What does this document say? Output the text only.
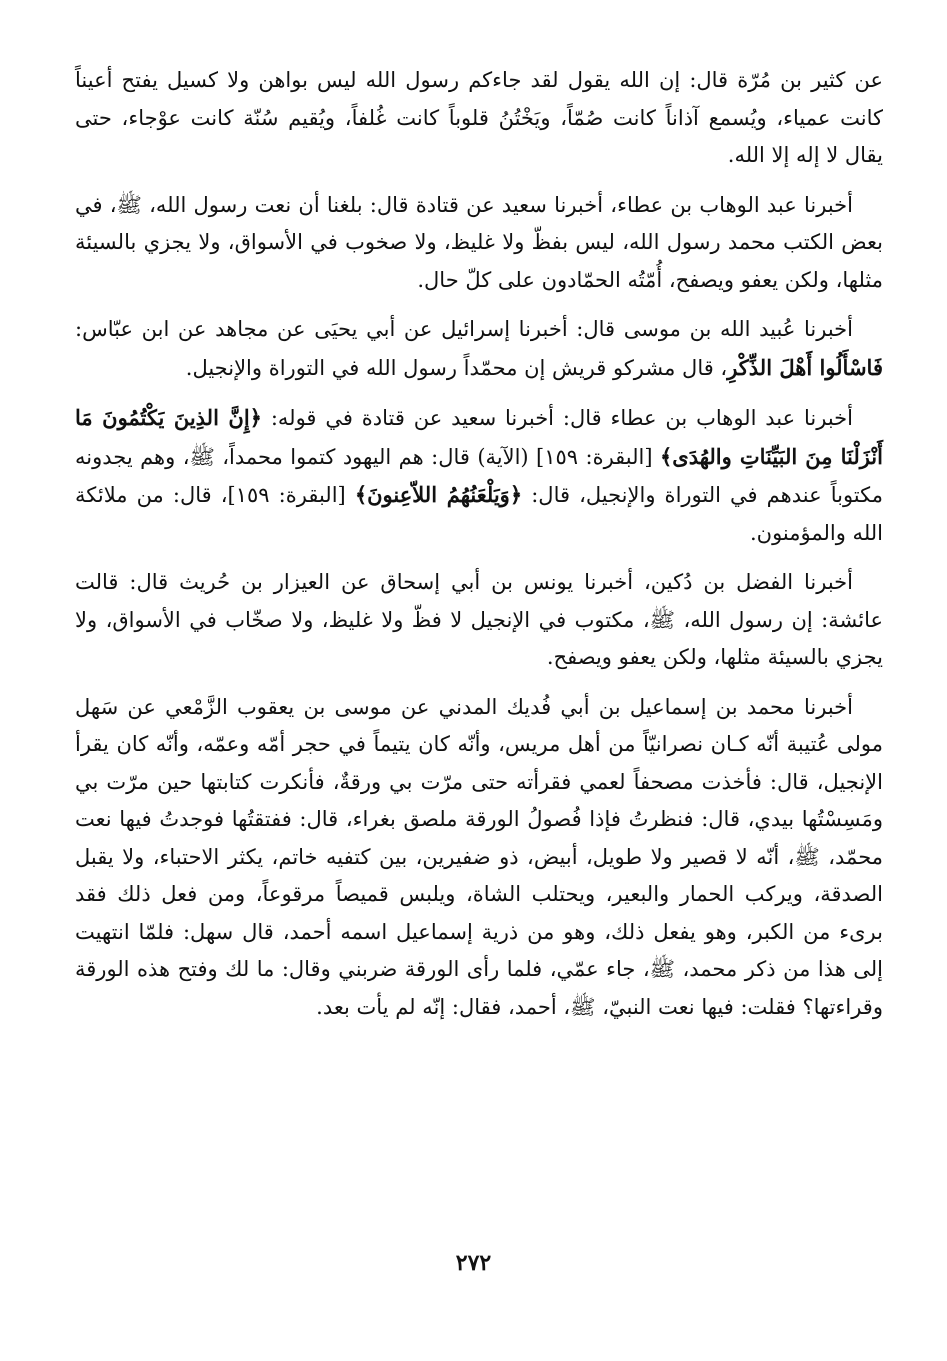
عن كثير بن مُرّة قال: إن الله يقول لقد جاءكم رسول الله ليس بواهن ولا كسيل يفتح أعيناً كانت عمياء، ويُسمع آذاناً كانت صُمّاً، ويَخْتُنُ قلوباً كانت غُلفاً، ويُقيم سُنّة كانت عوْجاء، حتى يقال لا إله إلا الله.

أخبرنا عبد الوهاب بن عطاء، أخبرنا سعيد عن قتادة قال: بلغنا أن نعت رسول الله، ﷺ، في بعض الكتب محمد رسول الله، ليس بفظّ ولا غليظ، ولا صخوب في الأسواق، ولا يجزي بالسيئة مثلها، ولكن يعفو ويصفح، أُمّتُه الحمّادون على كلّ حال.

أخبرنا عُبيد الله بن موسى قال: أخبرنا إسرائيل عن أبي يحيَى عن مجاهد عن ابن عبّاس: فَاسْأَلُوا أَهْلَ الذِّكْرِ، قال مشركو قريش إن محمّداً رسول الله في التوراة والإنجيل.

أخبرنا عبد الوهاب بن عطاء قال: أخبرنا سعيد عن قتادة في قوله: ﴿إِنَّ الذِينَ يَكْتُمُونَ مَا أَنْزَلْنَا مِنَ البَيِّنَاتِ والهُدَى﴾ [البقرة: ١٥٩] (الآية) قال: هم اليهود كتموا محمداً، ﷺ، وهم يجدونه مكتوباً عندهم في التوراة والإنجيل، قال: ﴿وَيَلْعَنُهُمُ اللاّعِنونَ﴾ [البقرة: ١٥٩]، قال: من ملائكة الله والمؤمنون.

أخبرنا الفضل بن دُكين، أخبرنا يونس بن أبي إسحاق عن العيزار بن حُريث قال: قالت عائشة: إن رسول الله، ﷺ، مكتوب في الإنجيل لا فظّ ولا غليظ، ولا صخّاب في الأسواق، ولا يجزي بالسيئة مثلها، ولكن يعفو ويصفح.

أخبرنا محمد بن إسماعيل بن أبي فُديك المدني عن موسى بن يعقوب الزَّمْعي عن سَهل مولى عُتيبة أنّه كـان نصرانيّاً من أهل مريس، وأنّه كان يتيماً في حجر أمّه وعمّه، وأنّه كان يقرأ الإنجيل، قال: فأخذت مصحفاً لعمي فقرأته حتى مرّت بي ورقةٌ، فأنكرت كتابتها حين مرّت بي ومَسِسْتُها بيدي، قال: فنظرتُ فإذا فُصولُ الورقة ملصق بغراء، قال: ففتقتُها فوجدتُ فيها نعت محمّد، ﷺ، أنّه لا قصير ولا طويل، أبيض، ذو ضفيرين، بين كتفيه خاتم، يكثر الاحتباء، ولا يقبل الصدقة، ويركب الحمار والبعير، ويحتلب الشاة، ويلبس قميصاً مرقوعاً، ومن فعل ذلك فقد برىء من الكبر، وهو يفعل ذلك، وهو من ذرية إسماعيل اسمه أحمد، قال سهل: فلمّا انتهيت إلى هذا من ذكر محمد، ﷺ، جاء عمّي، فلما رأى الورقة ضربني وقال: ما لك وفتح هذه الورقة وقراءتها؟ فقلت: فيها نعت النبيّ، ﷺ، أحمد، فقال: إنّه لم يأت بعد.

٢٧٢
